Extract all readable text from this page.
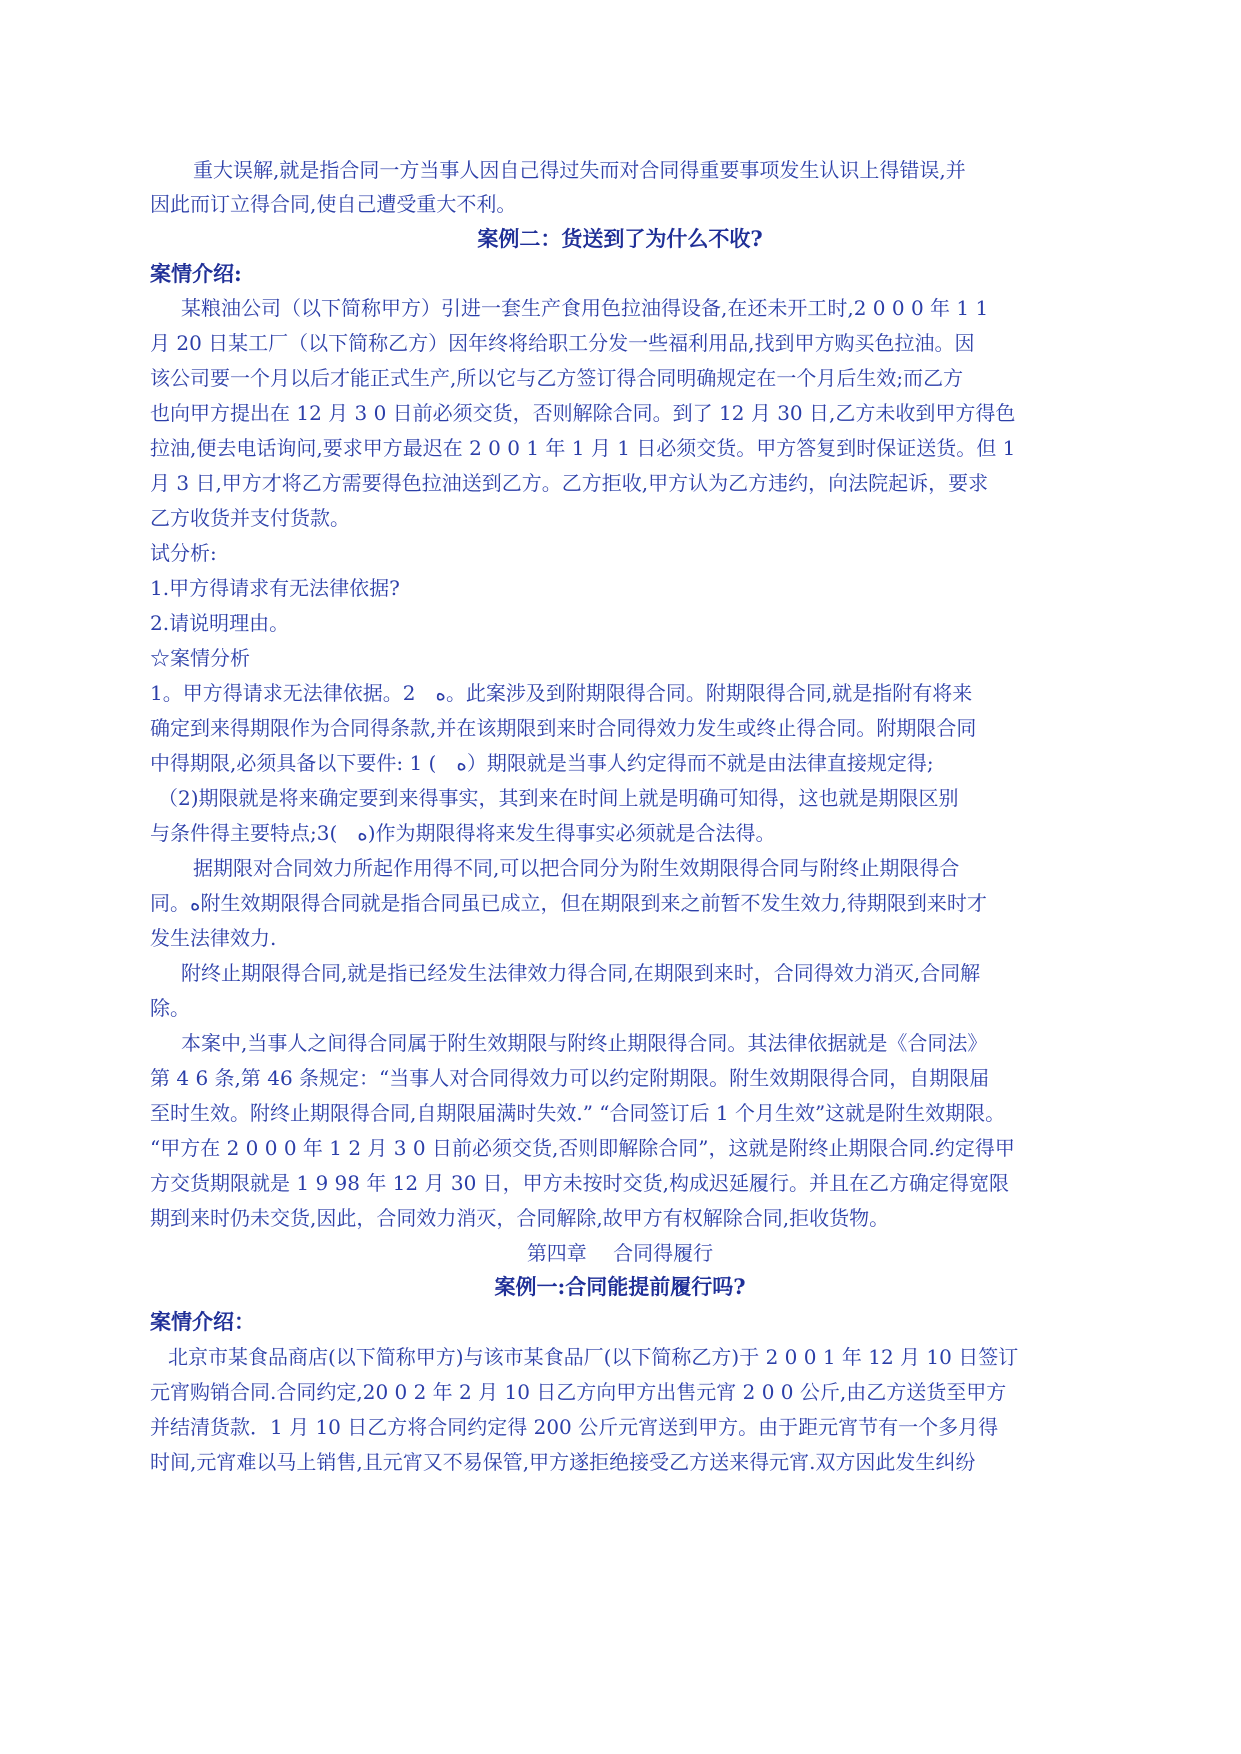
重大误解,就是指合同一方当事人因自己得过失而对合同得重要事项发生认识上得错误,并
因此而订立得合同,使自己遭受重大不利。
案例二：货送到了为什么不收?
案情介绍:
某粮油公司（以下简称甲方）引进一套生产食用色拉油得设备,在还未开工时,2 0 0 0 年 1 1
月 20 日某工厂（以下简称乙方）因年终将给职工分发一些福利用品,找到甲方购买色拉油。因
该公司要一个月以后才能正式生产,所以它与乙方签订得合同明确规定在一个月后生效;而乙方
也向甲方提出在 12 月 3 0 日前必须交货，否则解除合同。到了 12 月 30 日,乙方未收到甲方得色
拉油,便去电话询问,要求甲方最迟在 2 0 0 1 年 1 月 1 日必须交货。甲方答复到时保证送货。但 1
月 3 日,甲方才将乙方需要得色拉油送到乙方。乙方拒收,甲方认为乙方违约，向法院起诉，要求
乙方收货并支付货款。
试分析:
1.甲方得请求有无法律依据?
2.请说明理由。
☆案情分析
1。甲方得请求无法律依据。2　ﻩ。此案涉及到附期限得合同。附期限得合同,就是指附有将来
确定到来得期限作为合同得条款,并在该期限到来时合同得效力发生或终止得合同。附期限合同
中得期限,必须具备以下要件: 1 (　ﻩ）期限就是当事人约定得而不就是由法律直接规定得;
（2)期限就是将来确定要到来得事实，其到来在时间上就是明确可知得，这也就是期限区别
与条件得主要特点;3(　ﻩ)作为期限得将来发生得事实必须就是合法得。
据期限对合同效力所起作用得不同,可以把合同分为附生效期限得合同与附终止期限得合
同。ﻩ附生效期限得合同就是指合同虽已成立，但在期限到来之前暂不发生效力,待期限到来时才
发生法律效力.
附终止期限得合同,就是指已经发生法律效力得合同,在期限到来时，合同得效力消灭,合同解
除。
本案中,当事人之间得合同属于附生效期限与附终止期限得合同。其法律依据就是《合同法》
第 4 6 条,第 46 条规定：“当事人对合同得效力可以约定附期限。附生效期限得合同，自期限届
至时生效。附终止期限得合同,自期限届满时失效.” “合同签订后 1 个月生效”这就是附生效期限。
“甲方在 2 0 0 0 年 1 2 月 3 0 日前必须交货,否则即解除合同”，这就是附终止期限合同.约定得甲
方交货期限就是 1 9 98 年 12 月 30 日，甲方未按时交货,构成迟延履行。并且在乙方确定得宽限
期到来时仍未交货,因此，合同效力消灭，合同解除,故甲方有权解除合同,拒收货物。
第四章　 合同得履行
案例一:合同能提前履行吗?
案情介绍：
北京市某食品商店(以下简称甲方)与该市某食品厂(以下简称乙方)于 2 0 0 1 年 12 月 10 日签订
元宵购销合同.合同约定,20 0 2 年 2 月 10 日乙方向甲方出售元宵 2 0 0 公斤,由乙方送货至甲方
并结清货款．1 月 10 日乙方将合同约定得 200 公斤元宵送到甲方。由于距元宵节有一个多月得
时间,元宵难以马上销售,且元宵又不易保管,甲方遂拒绝接受乙方送来得元宵.双方因此发生纠纷
